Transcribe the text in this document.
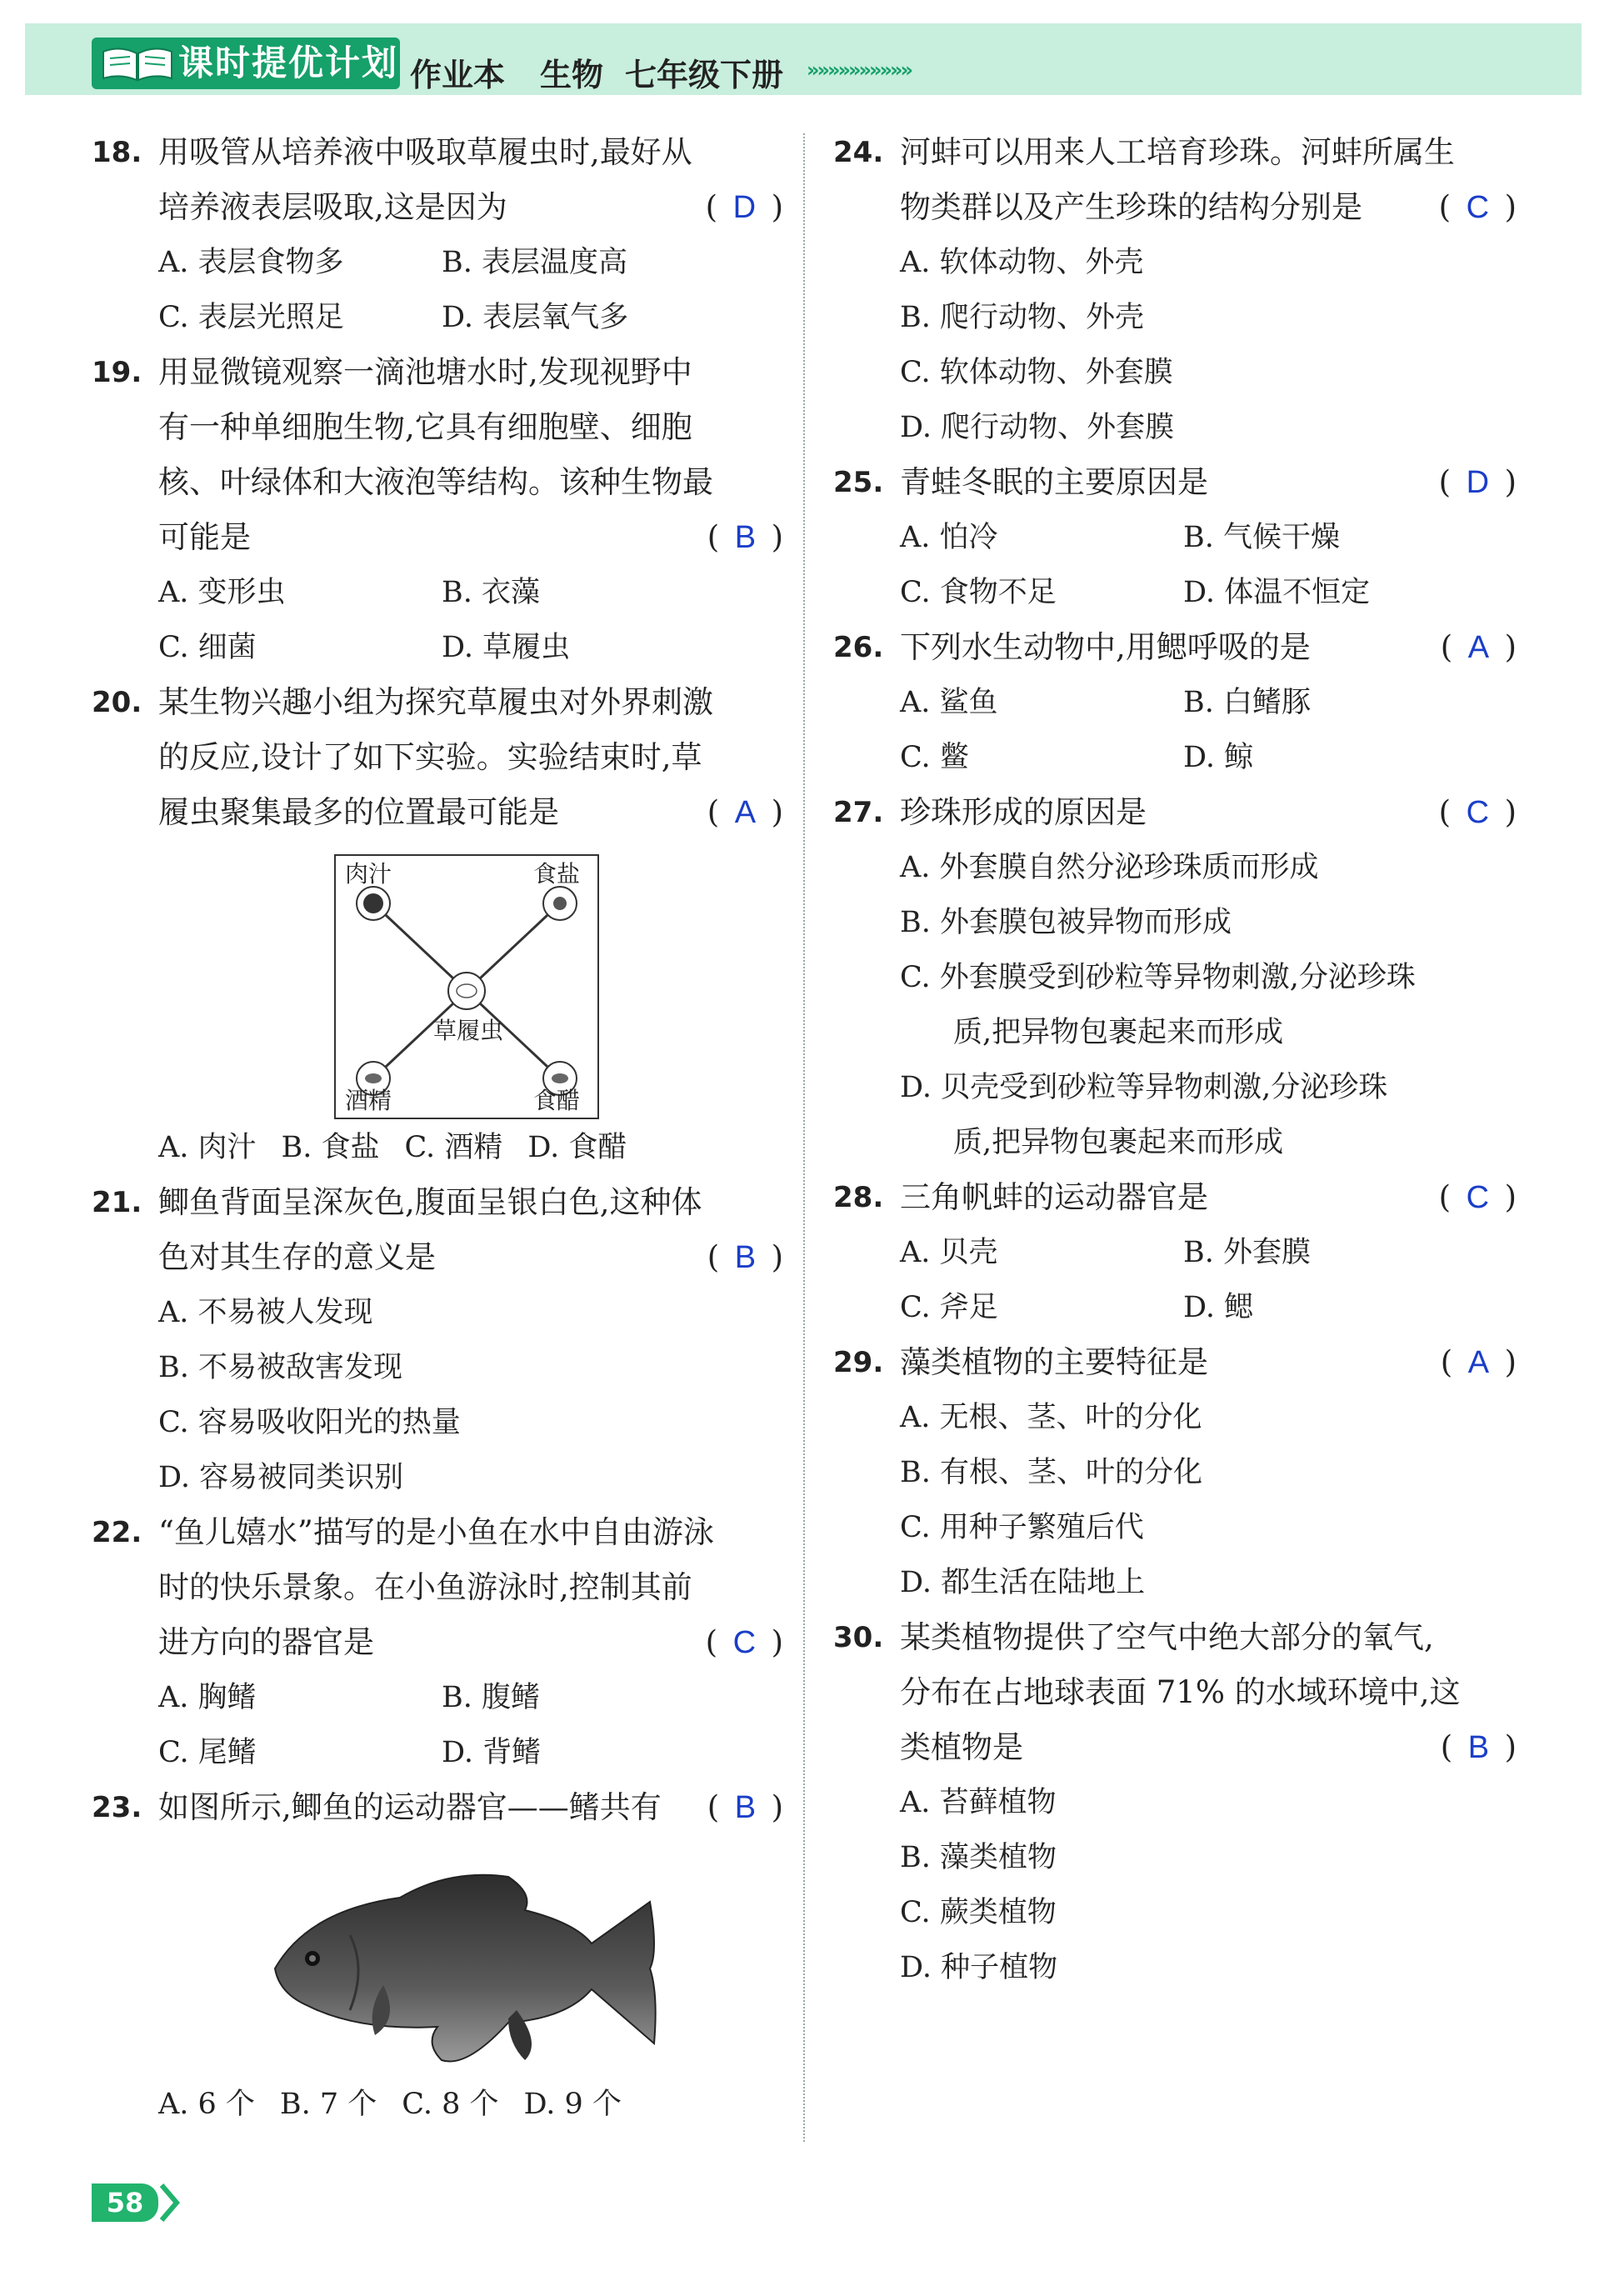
课时提优计划 作业本 生物 七年级下册 »»»»»»»»»»
18. 用吸管从培养液中吸取草履虫时,最好从
培养液表层吸取,这是因为	( D )
A. 表层食物多	B. 表层温度高
C. 表层光照足	D. 表层氧气多
19. 用显微镜观察一滴池塘水时,发现视野中
有一种单细胞生物,它具有细胞壁、细胞
核、叶绿体和大液泡等结构。该种生物最
可能是	( B )
A. 变形虫	B. 衣藻
C. 细菌	D. 草履虫
20. 某生物兴趣小组为探究草履虫对外界刺激
的反应,设计了如下实验。实验结束时,草
履虫聚集最多的位置最可能是	( A )
肉汁	食盐
草履虫
酒精	食醋
A. 肉汁 B. 食盐 C. 酒精 D. 食醋
21. 鲫鱼背面呈深灰色,腹面呈银白色,这种体
色对其生存的意义是	( B )
A. 不易被人发现
B. 不易被敌害发现
C. 容易吸收阳光的热量
D. 容易被同类识别
22. “鱼儿嬉水”描写的是小鱼在水中自由游泳
时的快乐景象。在小鱼游泳时,控制其前
进方向的器官是	( C )
A. 胸鳍	B. 腹鳍
C. 尾鳍	D. 背鳍
23. 如图所示,鲫鱼的运动器官——鳍共有 ( B )
A. 6 个 B. 7 个 C. 8 个 D. 9 个
24. 河蚌可以用来人工培育珍珠。河蚌所属生
物类群以及产生珍珠的结构分别是 ( C )
A. 软体动物、外壳
B. 爬行动物、外壳
C. 软体动物、外套膜
D. 爬行动物、外套膜
25. 青蛙冬眠的主要原因是	( D )
A. 怕冷	B. 气候干燥
C. 食物不足	D. 体温不恒定
26. 下列水生动物中,用鳃呼吸的是	( A )
A. 鲨鱼	B. 白鳍豚
C. 鳖	D. 鲸
27. 珍珠形成的原因是	( C )
A. 外套膜自然分泌珍珠质而形成
B. 外套膜包被异物而形成
C. 外套膜受到砂粒等异物刺激,分泌珍珠
质,把异物包裹起来而形成
D. 贝壳受到砂粒等异物刺激,分泌珍珠
质,把异物包裹起来而形成
28. 三角帆蚌的运动器官是	( C )
A. 贝壳	B. 外套膜
C. 斧足	D. 鳃
29. 藻类植物的主要特征是	( A )
A. 无根、茎、叶的分化
B. 有根、茎、叶的分化
C. 用种子繁殖后代
D. 都生活在陆地上
30. 某类植物提供了空气中绝大部分的氧气,
分布在占地球表面 71% 的水域环境中,这
类植物是	( B )
A. 苔藓植物
B. 藻类植物
C. 蕨类植物
D. 种子植物
58
